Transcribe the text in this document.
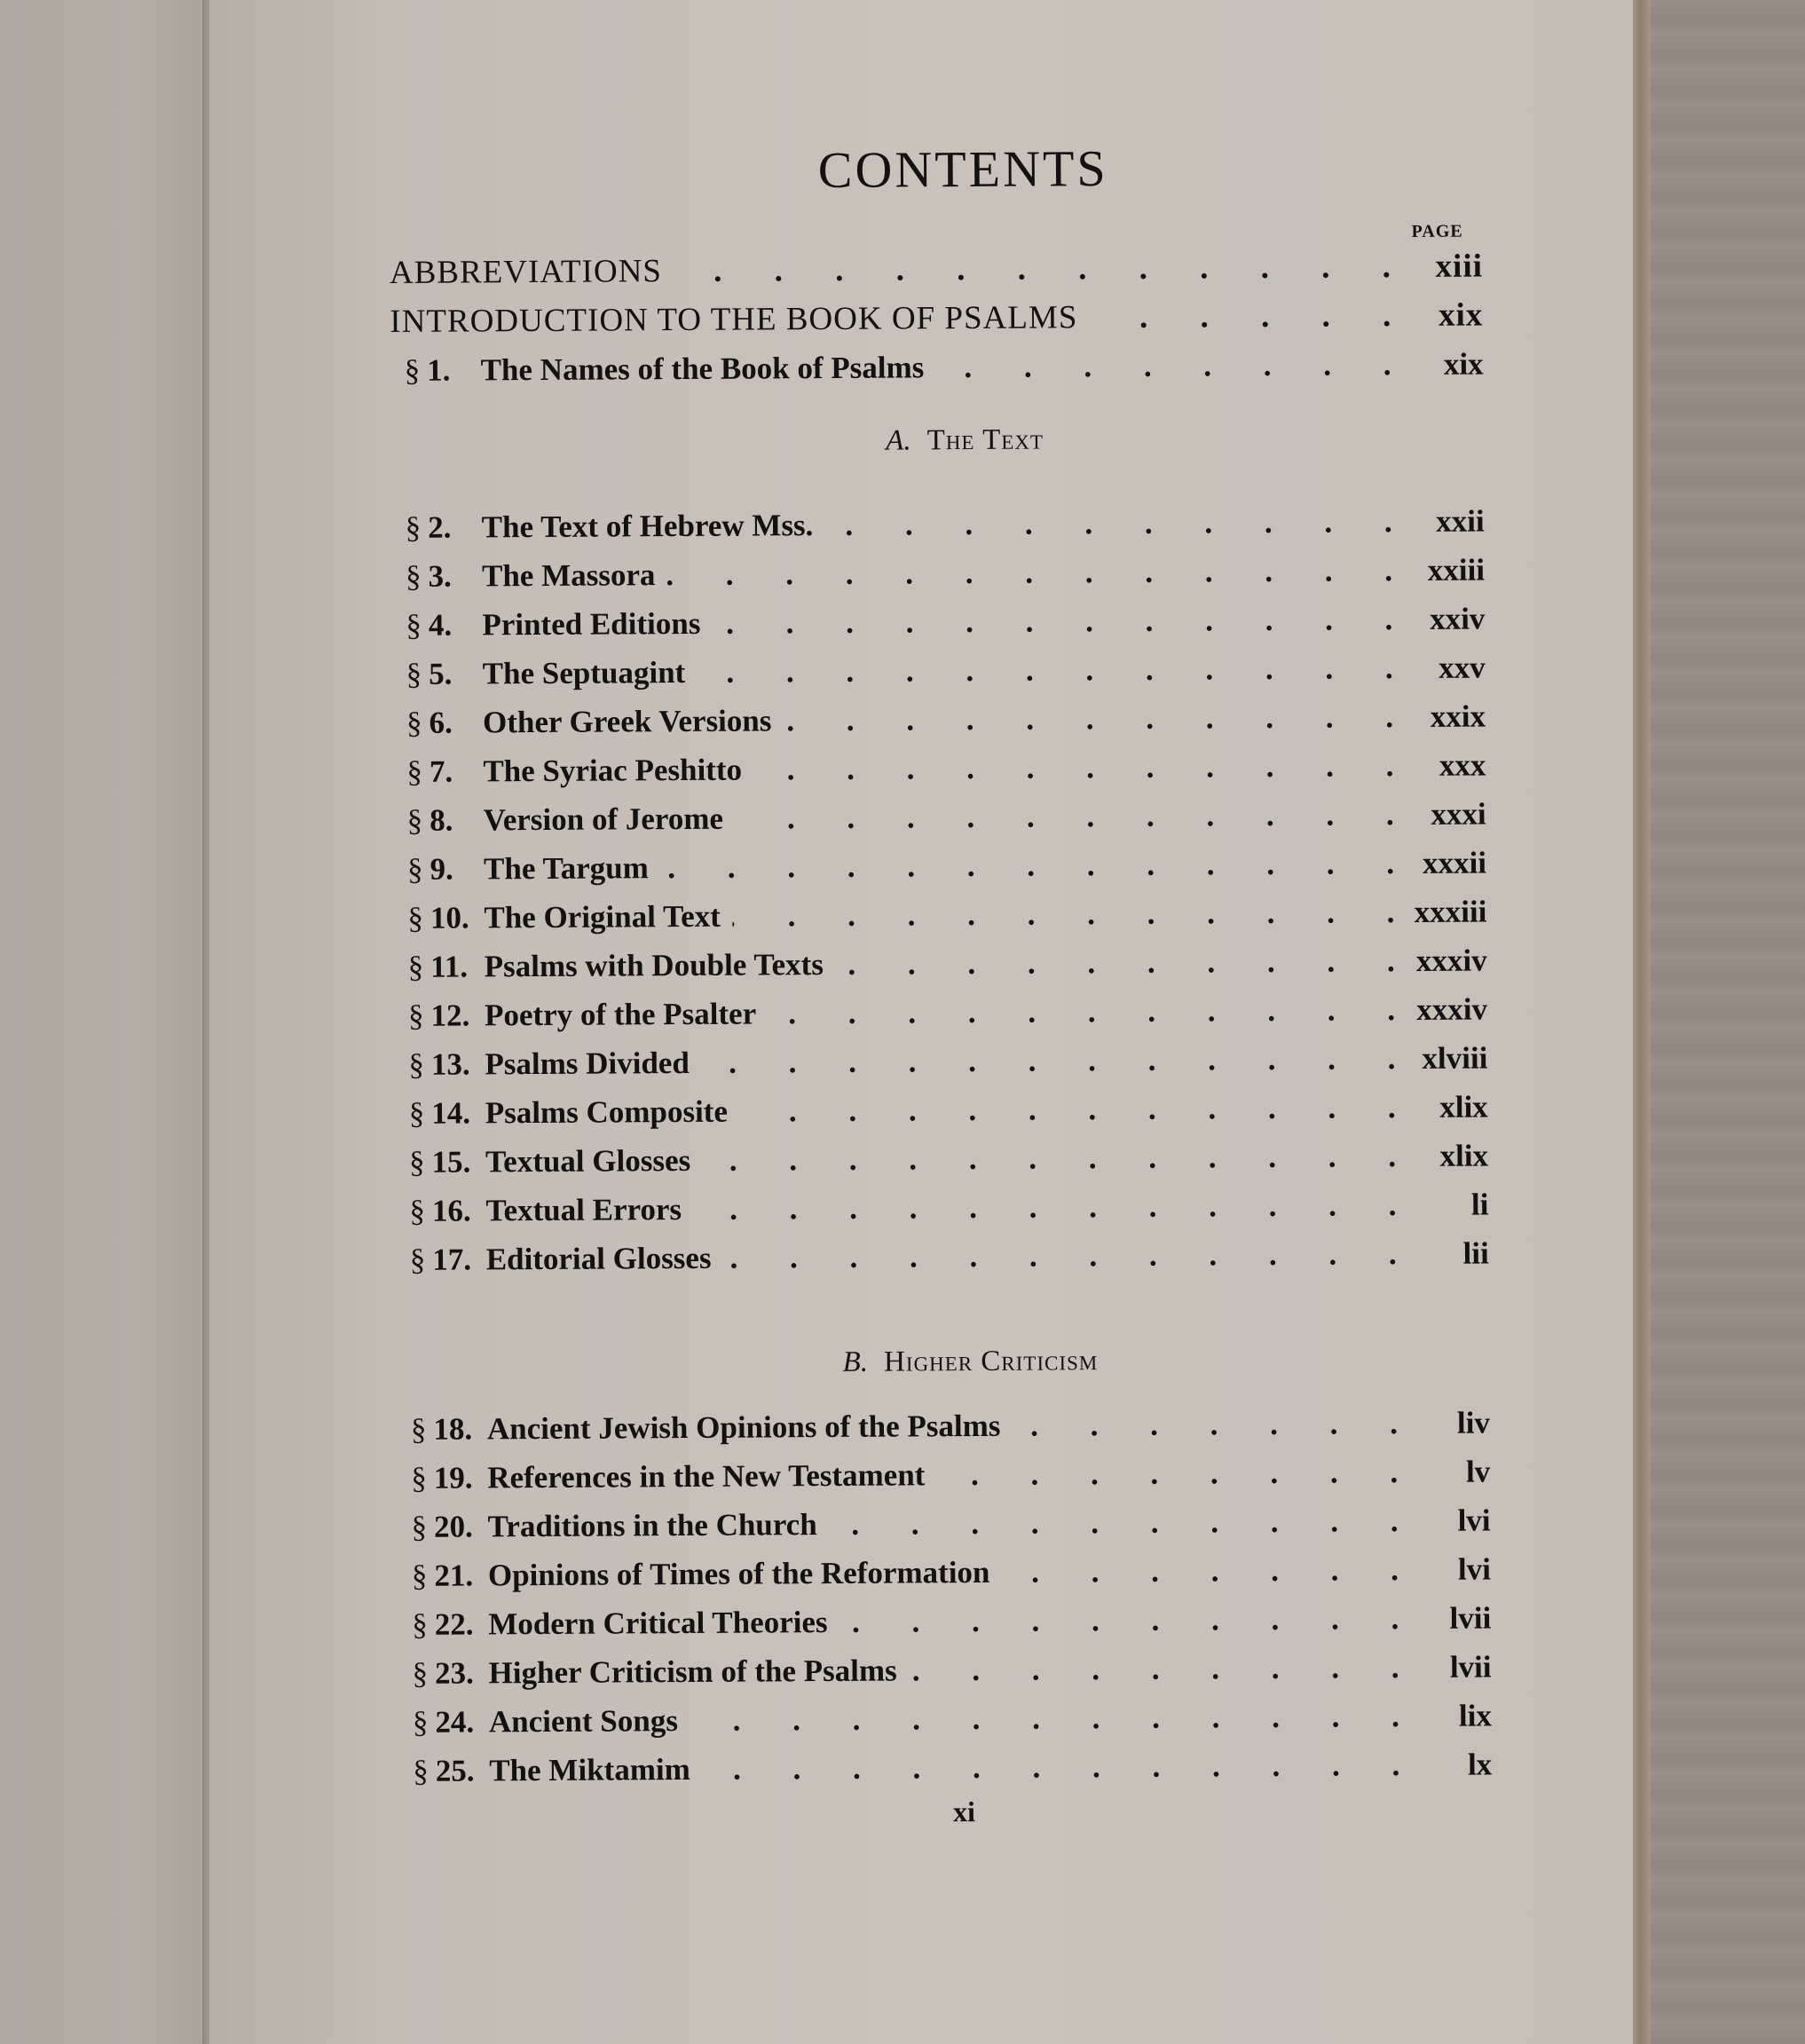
CONTENTS
PAGE
ABBREVIATIONS . . .	xiii
INTRODUCTION TO THE BOOK OF PSALMS . . .	xix
§ 1. The Names of the Book of Psalms . . .	xix
A. The Text
§ 2. The Text of Hebrew Mss. . . .	xxii
§ 3. The Massora . . .	xxiii
§ 4. Printed Editions . . .	xxiv
§ 5. The Septuagint . . .	xxv
§ 6. Other Greek Versions . . .	xxix
§ 7. The Syriac Peshitto . . .	xxx
§ 8. Version of Jerome . . .	xxxi
§ 9. The Targum . . .	xxxii
§ 10. The Original Text . . .	xxxiii
§ 11. Psalms with Double Texts . . .	xxxiv
§ 12. Poetry of the Psalter . . .	xxxiv
§ 13. Psalms Divided . . .	xlviii
§ 14. Psalms Composite . . .	xlix
§ 15. Textual Glosses . . .	xlix
§ 16. Textual Errors . . .	li
§ 17. Editorial Glosses . . .	lii
B. Higher Criticism
§ 18. Ancient Jewish Opinions of the Psalms . . .	liv
§ 19. References in the New Testament . . .	lv
§ 20. Traditions in the Church . . .	lvi
§ 21. Opinions of Times of the Reformation . . .	lvi
§ 22. Modern Critical Theories . . .	lvii
§ 23. Higher Criticism of the Psalms . . .	lvii
§ 24. Ancient Songs . . .	lix
§ 25. The Miktamim . . .	lx
xi
